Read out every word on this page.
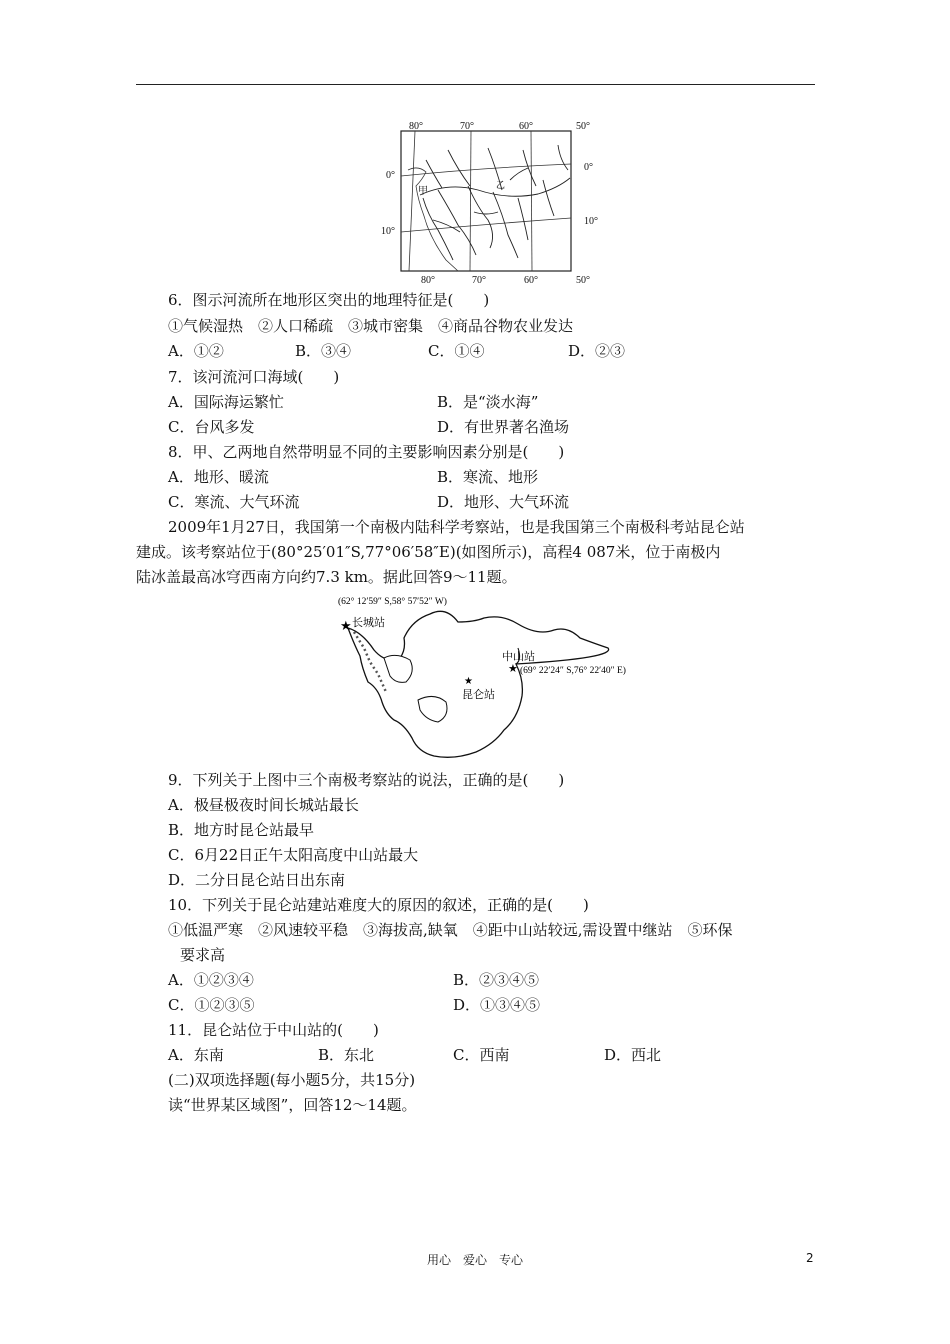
80°	70°	60°	50°
80°	70°	60°	50°
0°
10°
0°
10°
甲
乙
6．图示河流所在地形区突出的地理特征是(　　)
①气候湿热　②人口稀疏　③城市密集　④商品谷物农业发达
A．①②	B．③④	C．①④	D．②③
7．该河流河口海域(　　)
A．国际海运繁忙	B．是“淡水海”
C．台风多发	D．有世界著名渔场
8．甲、乙两地自然带明显不同的主要影响因素分别是(　　)
A．地形、暖流	B．寒流、地形
C．寒流、大气环流	D．地形、大气环流
2009年1月27日，我国第一个南极内陆科学考察站，也是我国第三个南极科考站昆仑站
建成。该考察站位于(80°25′01″S,77°06′58″E)(如图所示)，高程4 087米，位于南极内
陆冰盖最高冰穹西南方向约7.3 km。据此回答9～11题。
(62° 12′59″ S,58° 57′52″ W)
★ 长城站
中山站
★ (69° 22′24″ S,76° 22′40″ E)
★
昆仑站
9．下列关于上图中三个南极考察站的说法，正确的是(　　)
A．极昼极夜时间长城站最长
B．地方时昆仑站最早
C．6月22日正午太阳高度中山站最大
D．二分日昆仑站日出东南
10．下列关于昆仑站建站难度大的原因的叙述，正确的是(　　)
①低温严寒　②风速较平稳　③海拔高,缺氧　④距中山站较远,需设置中继站　⑤环保
要求高
A．①②③④	B．②③④⑤
C．①②③⑤	D．①③④⑤
11．昆仑站位于中山站的(　　)
A．东南	B．东北	C．西南	D．西北
(二)双项选择题(每小题5分，共15分)
读“世界某区域图”，回答12～14题。
用心　爱心　专心	2
